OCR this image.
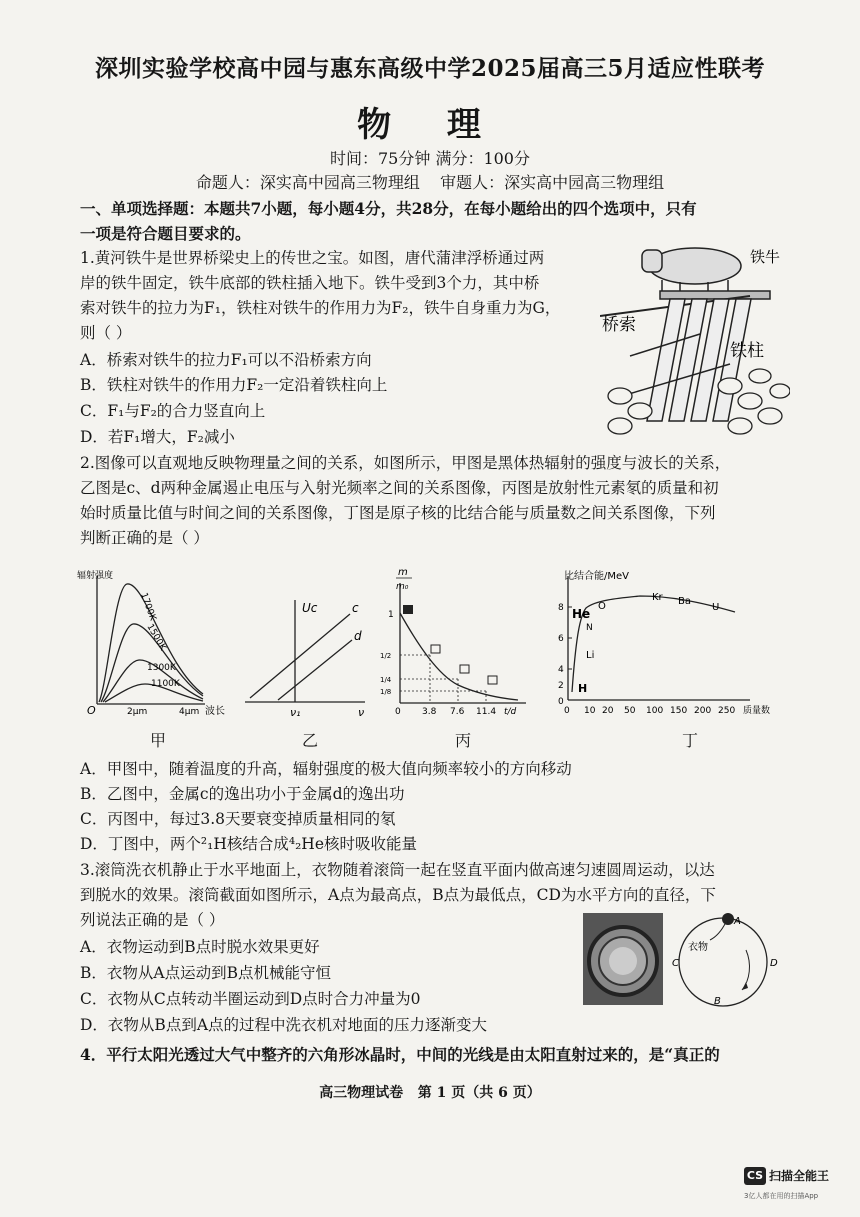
深圳实验学校高中园与惠东高级中学2025届高三5月适应性联考
物 理
时间：75分钟 满分：100分
命题人：深实高中园高三物理组    审题人：深实高中园高三物理组
一、单项选择题：本题共7小题，每小题4分，共28分，在每小题给出的四个选项中，只有
一项是符合题目要求的。

1.黄河铁牛是世界桥梁史上的传世之宝。如图，唐代蒲津浮桥通过两

岸的铁牛固定，铁牛底部的铁柱插入地下。铁牛受到3个力，其中桥

索对铁牛的拉力为F₁，铁柱对铁牛的作用力为F₂，铁牛自身重力为G，

则（ ）

A．桥索对铁牛的拉力F₁可以不沿桥索方向
B．铁柱对铁牛的作用力F₂一定沿着铁柱向上
C．F₁与F₂的合力竖直向上
D．若F₁增大，F₂减小
铁牛
桥索
铁柱
2.图像可以直观地反映物理量之间的关系，如图所示，甲图是黑体热辐射的强度与波长的关系，
乙图是c、d两种金属遏止电压与入射光频率之间的关系图像，丙图是放射性元素氡的质量和初
始时质量比值与时间之间的关系图像，丁图是原子核的比结合能与质量数之间关系图像，下列
判断正确的是（ ）
辐射强度
O	2μm	4μm 波长
1700K
1500K
1300K
1100K
Uc	c
d
ν₁	ν
m
m₀
1
1/2
1/4
1/8
0 3.8 7.6 11.4 t/d
比结合能/MeV
0
2
4
6
8
0 10 20 50 100 150 200 250 质量数
He
O
Kr Ba
U
Li
H
N
甲	乙	丙	丁
A．甲图中，随着温度的升高，辐射强度的极大值向频率较小的方向移动
B．乙图中，金属c的逸出功小于金属d的逸出功
C．丙图中，每过3.8天要衰变掉质量相同的氡
D．丁图中，两个²₁H核结合成⁴₂He核时吸收能量
3.滚筒洗衣机静止于水平地面上，衣物随着滚筒一起在竖直平面内做高速匀速圆周运动，以达
到脱水的效果。滚筒截面如图所示，A点为最高点，B点为最低点，CD为水平方向的直径，下
列说法正确的是（ ）
A．衣物运动到B点时脱水效果更好
B．衣物从A点运动到B点机械能守恒
C．衣物从C点转动半圈运动到D点时合力冲量为0
D．衣物从B点到A点的过程中洗衣机对地面的压力逐渐变大
A
B
C	D
衣物
4．平行太阳光透过大气中整齐的六角形冰晶时，中间的光线是由太阳直射过来的，是“真正的
高三物理试卷   第 1 页（共 6 页）
CS 扫描全能王
3亿人都在用的扫描App
